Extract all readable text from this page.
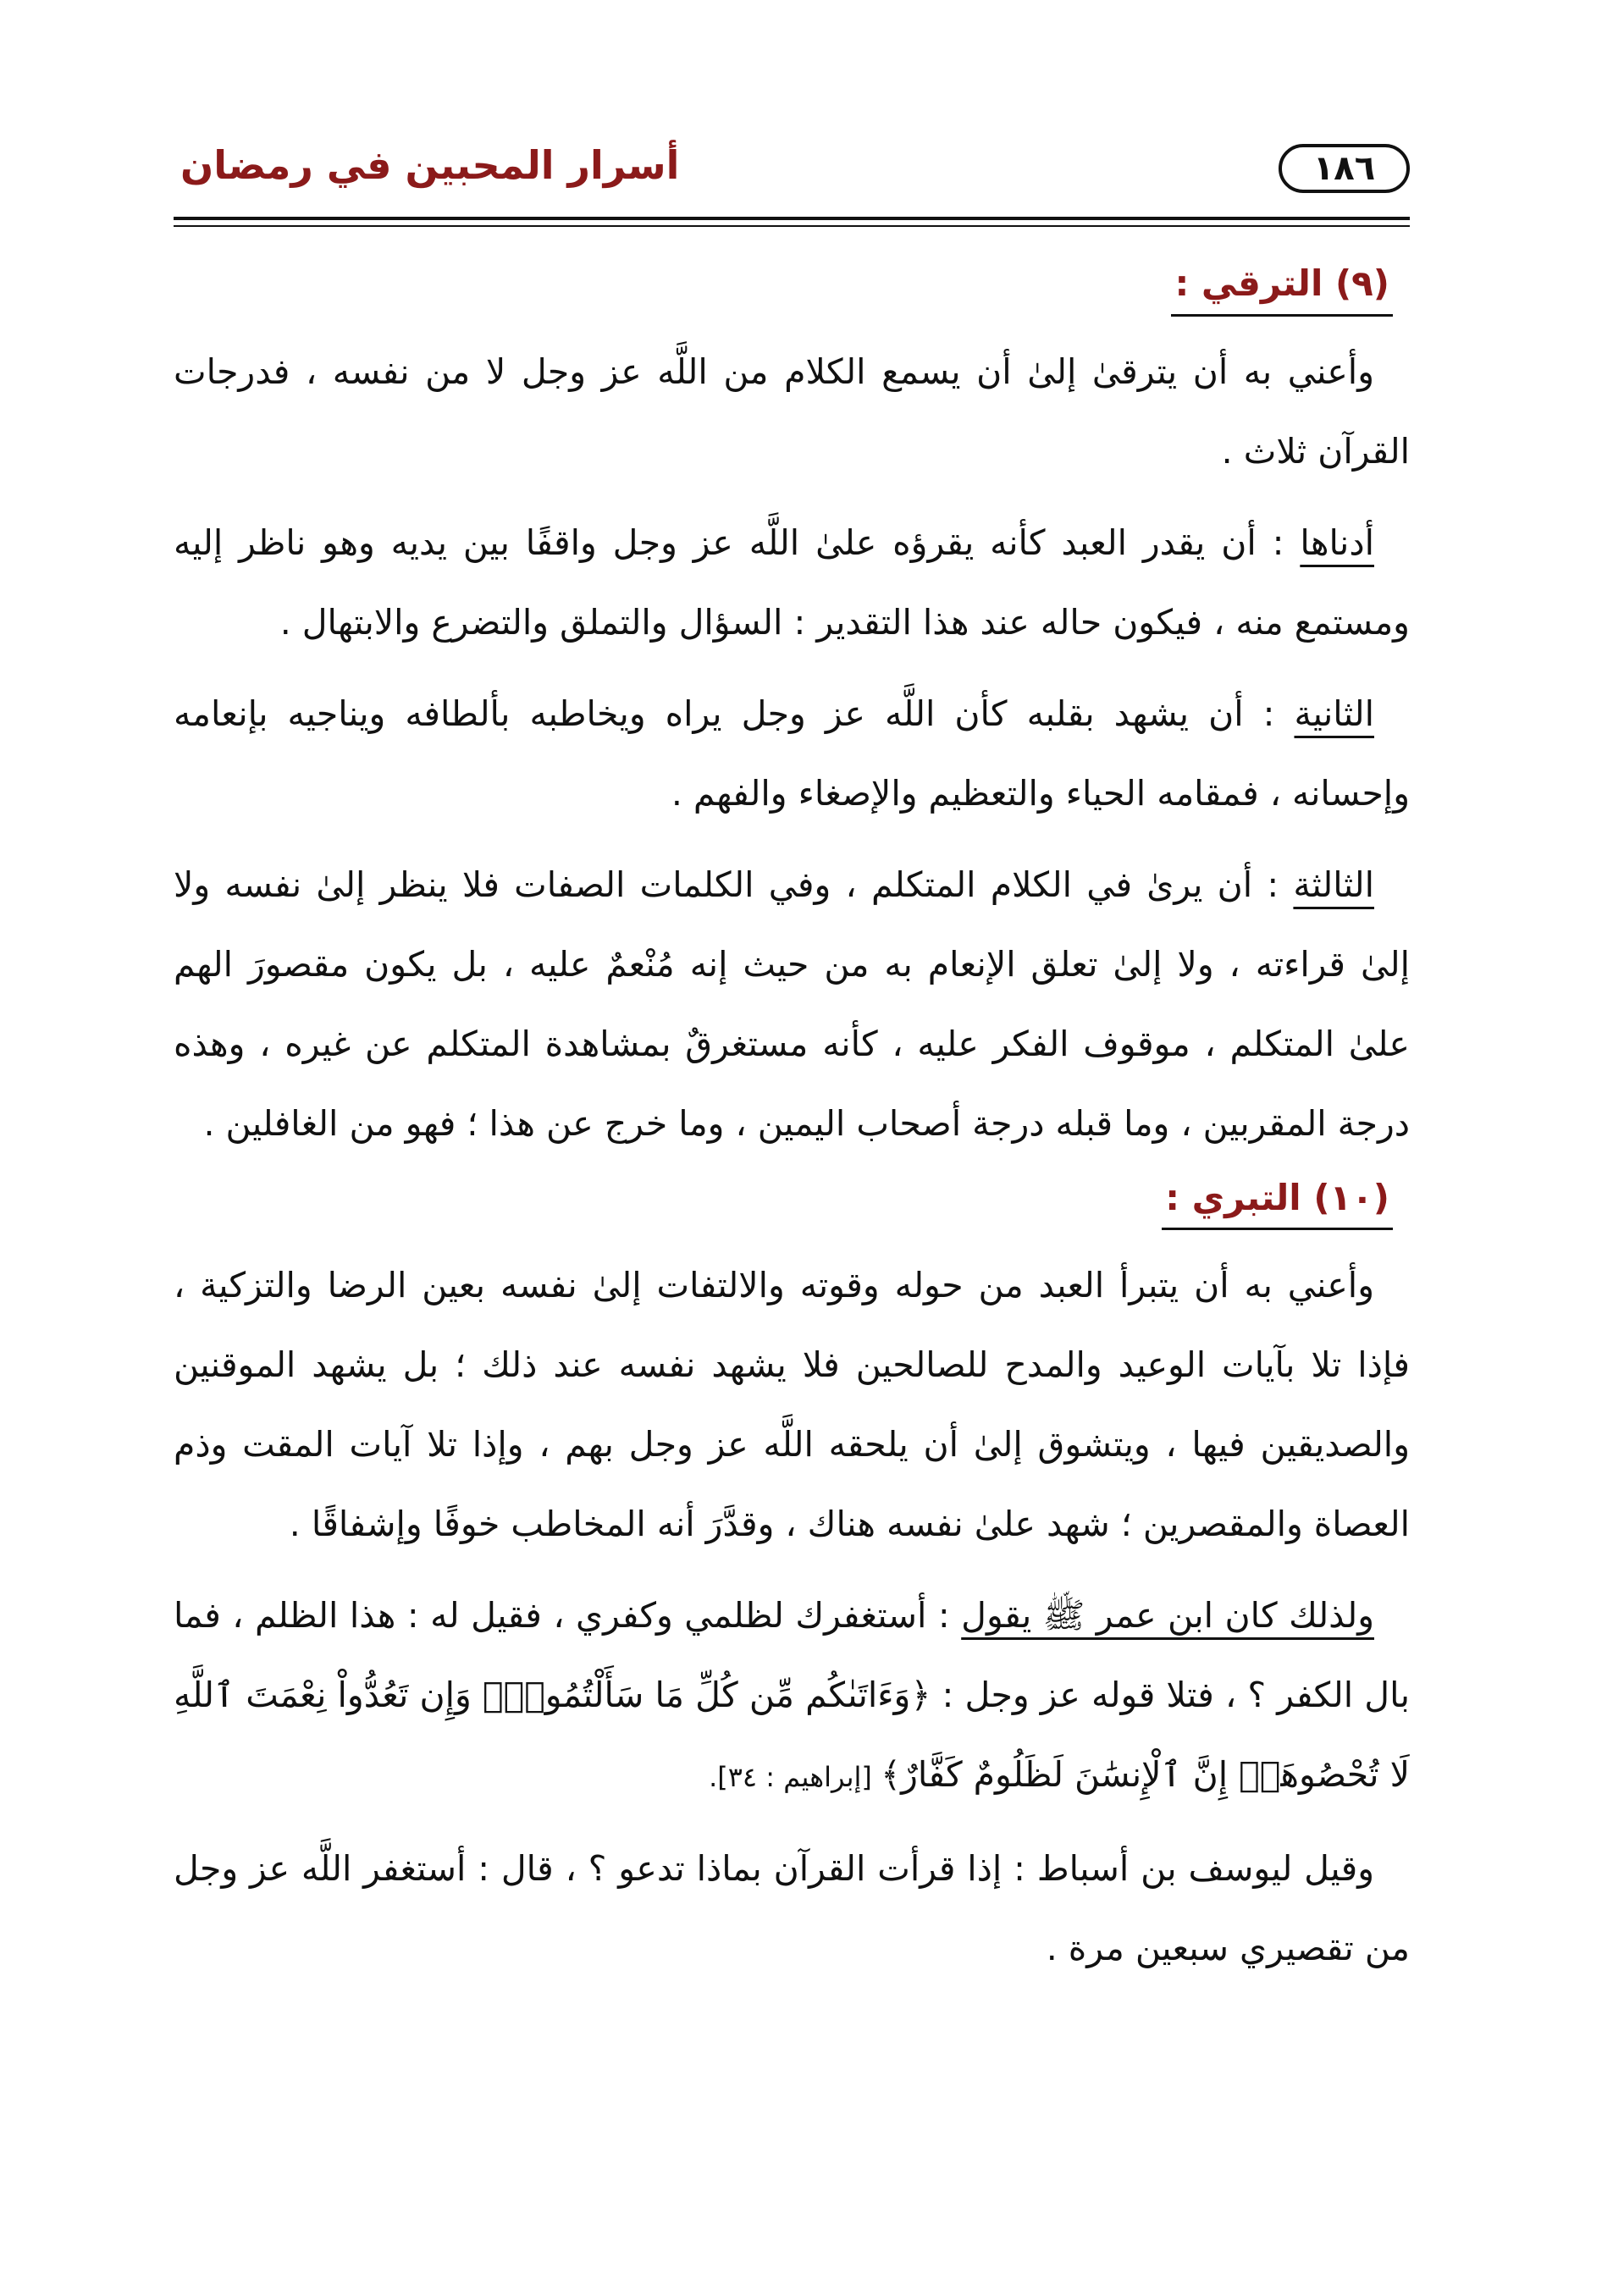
١٨٦
أسرار المحبين في رمضان
(٩) الترقي :

وأعني به أن يترقىٰ إلىٰ أن يسمع الكلام من اللَّه عز وجل لا من نفسه ، فدرجات القرآن ثلاث .

أدناها : أن يقدر العبد كأنه يقرؤه علىٰ اللَّه عز وجل واقفًا بين يديه وهو ناظر إليه ومستمع منه ، فيكون حاله عند هذا التقدير : السؤال والتملق والتضرع والابتهال .

الثانية : أن يشهد بقلبه كأن اللَّه عز وجل يراه ويخاطبه بألطافه ويناجيه بإنعامه وإحسانه ، فمقامه الحياء والتعظيم والإصغاء والفهم .

الثالثة : أن يرىٰ في الكلام المتكلم ، وفي الكلمات الصفات فلا ينظر إلىٰ نفسه ولا إلىٰ قراءته ، ولا إلىٰ تعلق الإنعام به من حيث إنه مُنْعمٌ عليه ، بل يكون مقصورَ الهم علىٰ المتكلم ، موقوف الفكر عليه ، كأنه مستغرقٌ بمشاهدة المتكلم عن غيره ، وهذه درجة المقربين ، وما قبله درجة أصحاب اليمين ، وما خرج عن هذا ؛ فهو من الغافلين .

(١٠) التبري :

وأعني به أن يتبرأ العبد من حوله وقوته والالتفات إلىٰ نفسه بعين الرضا والتزكية ، فإذا تلا بآيات الوعيد والمدح للصالحين فلا يشهد نفسه عند ذلك ؛ بل يشهد الموقنين والصديقين فيها ، ويتشوق إلىٰ أن يلحقه اللَّه عز وجل بهم ، وإذا تلا آيات المقت وذم العصاة والمقصرين ؛ شهد علىٰ نفسه هناك ، وقدَّرَ أنه المخاطب خوفًا وإشفاقًا .

ولذلك كان ابن عمر ﷺ يقول : أستغفرك لظلمي وكفري ، فقيل له : هذا الظلم ، فما بال الكفر ؟ ، فتلا قوله عز وجل : ﴿وَءَاتَىٰكُم مِّن كُلِّ مَا سَأَلْتُمُوهُۚ وَإِن تَعُدُّواْ نِعْمَتَ ٱللَّهِ لَا تُحْصُوهَآۗ إِنَّ ٱلْإِنسَٰنَ لَظَلُومٌ كَفَّارٌ﴾ [إبراهيم : ٣٤].

وقيل ليوسف بن أسباط : إذا قرأت القرآن بماذا تدعو ؟ ، قال : أستغفر اللَّه عز وجل من تقصيري سبعين مرة .
